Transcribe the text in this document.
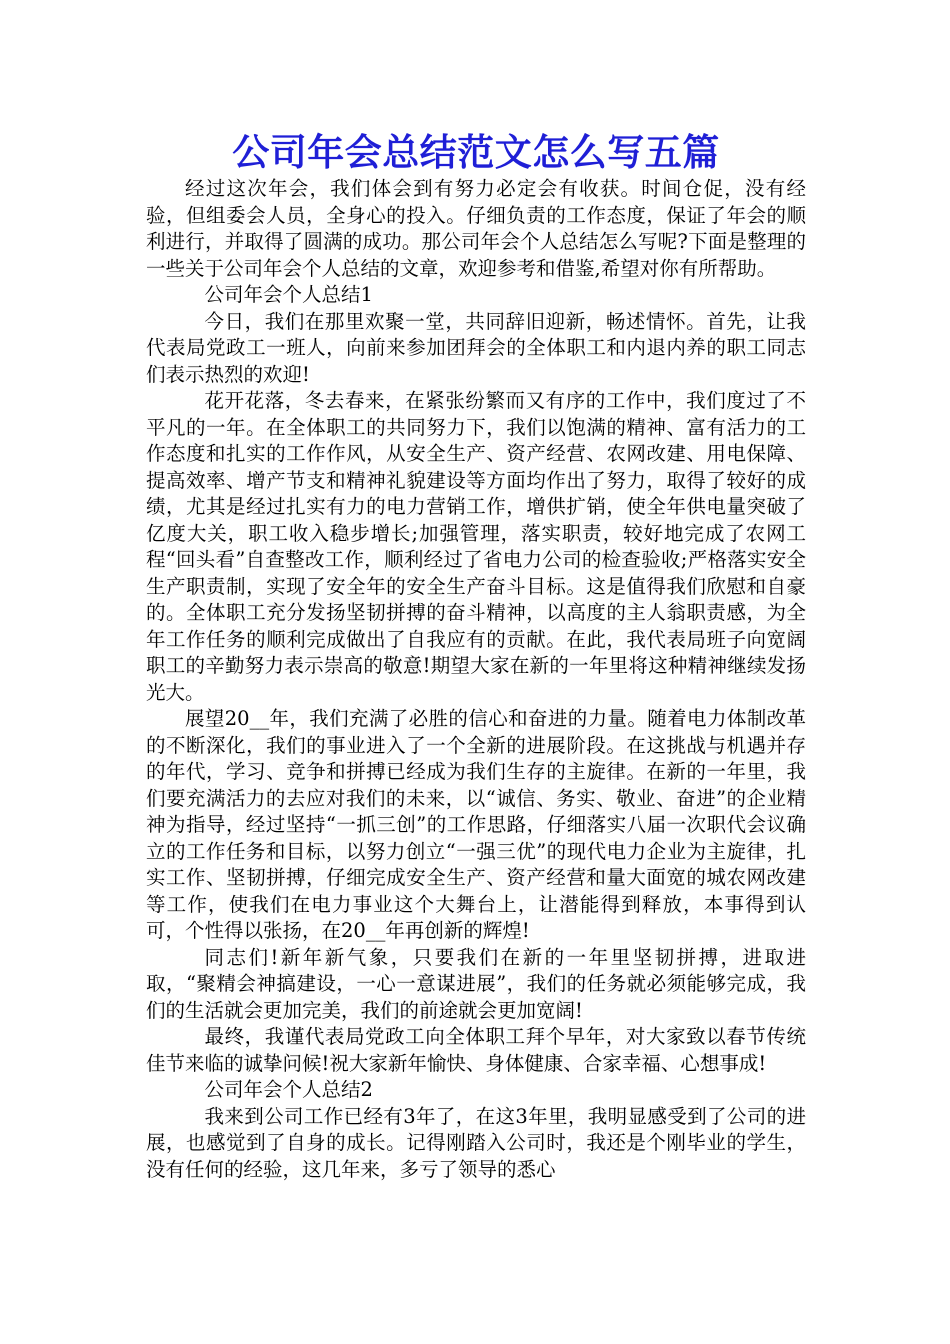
公司年会总结范文怎么写五篇

经过这次年会，我们体会到有努力必定会有收获。时间仓促，没有经验，但组委会人员，全身心的投入。仔细负责的工作态度，保证了年会的顺利进行，并取得了圆满的成功。那公司年会个人总结怎么写呢?下面是整理的一些关于公司年会个人总结的文章，欢迎参考和借鉴,希望对你有所帮助。

公司年会个人总结1

今日，我们在那里欢聚一堂，共同辞旧迎新，畅述情怀。首先，让我代表局党政工一班人，向前来参加团拜会的全体职工和内退内养的职工同志们表示热烈的欢迎!

花开花落，冬去春来，在紧张纷繁而又有序的工作中，我们度过了不平凡的一年。在全体职工的共同努力下，我们以饱满的精神、富有活力的工作态度和扎实的工作作风，从安全生产、资产经营、农网改建、用电保障、提高效率、增产节支和精神礼貌建设等方面均作出了努力，取得了较好的成绩，尤其是经过扎实有力的电力营销工作，增供扩销，使全年供电量突破了亿度大关，职工收入稳步增长;加强管理，落实职责，较好地完成了农网工程“回头看”自查整改工作，顺利经过了省电力公司的检查验收;严格落实安全生产职责制，实现了安全年的安全生产奋斗目标。这是值得我们欣慰和自豪的。全体职工充分发扬坚韧拼搏的奋斗精神，以高度的主人翁职责感，为全年工作任务的顺利完成做出了自我应有的贡献。在此，我代表局班子向宽阔职工的辛勤努力表示崇高的敬意!期望大家在新的一年里将这种精神继续发扬光大。

展望20__年，我们充满了必胜的信心和奋进的力量。随着电力体制改革的不断深化，我们的事业进入了一个全新的进展阶段。在这挑战与机遇并存的年代，学习、竞争和拼搏已经成为我们生存的主旋律。在新的一年里，我们要充满活力的去应对我们的未来，以“诚信、务实、敬业、奋进”的企业精神为指导，经过坚持“一抓三创”的工作思路，仔细落实八届一次职代会议确立的工作任务和目标，以努力创立“一强三优”的现代电力企业为主旋律，扎实工作、坚韧拼搏，仔细完成安全生产、资产经营和量大面宽的城农网改建等工作，使我们在电力事业这个大舞台上，让潜能得到释放，本事得到认可，个性得以张扬，在20__年再创新的辉煌!

同志们!新年新气象，只要我们在新的一年里坚韧拼搏，进取进取，“聚精会神搞建设，一心一意谋进展”，我们的任务就必须能够完成，我们的生活就会更加完美，我们的前途就会更加宽阔!

最终，我谨代表局党政工向全体职工拜个早年，对大家致以春节传统佳节来临的诚挚问候!祝大家新年愉快、身体健康、合家幸福、心想事成!

公司年会个人总结2

我来到公司工作已经有3年了，在这3年里，我明显感受到了公司的进展，也感觉到了自身的成长。记得刚踏入公司时，我还是个刚毕业的学生，没有任何的经验，这几年来，多亏了领导的悉心
